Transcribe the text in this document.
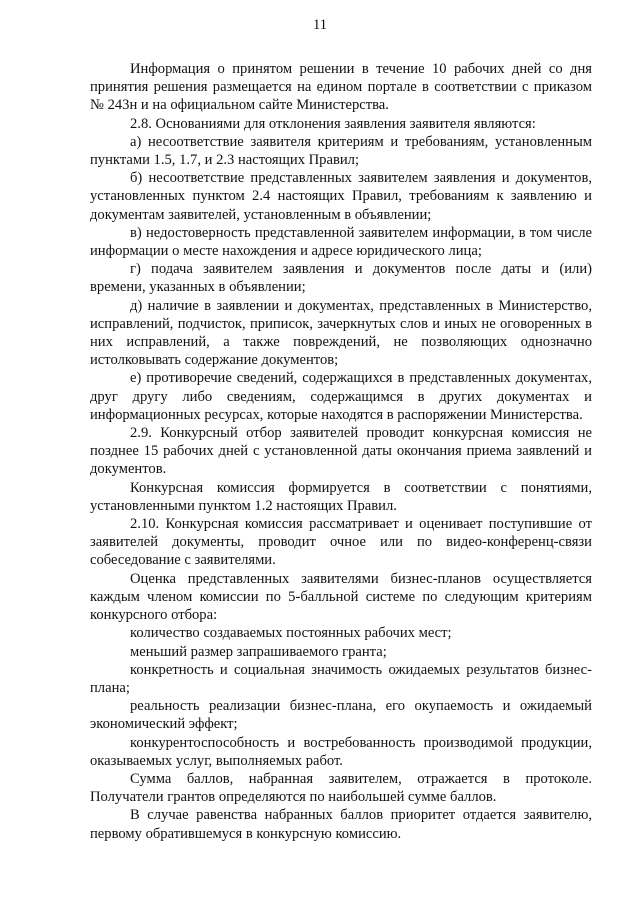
11

Информация о принятом решении в течение 10 рабочих дней со дня принятия решения размещается на едином портале в соответствии с приказом № 243н и на официальном сайте Министерства.

2.8. Основаниями для отклонения заявления заявителя являются:

а) несоответствие заявителя критериям и требованиям, установленным пунктами 1.5, 1.7, и 2.3 настоящих Правил;

б) несоответствие представленных заявителем заявления и документов, установленных пунктом 2.4 настоящих Правил, требованиям к заявлению и документам заявителей, установленным в объявлении;

в) недостоверность представленной заявителем информации, в том числе информации о месте нахождения и адресе юридического лица;

г) подача заявителем заявления и документов после даты и (или) времени, указанных в объявлении;

д) наличие в заявлении и документах, представленных в Министерство, исправлений, подчисток, приписок, зачеркнутых слов и иных не оговоренных в них исправлений, а также повреждений, не позволяющих однозначно истолковывать содержание документов;

е) противоречие сведений, содержащихся в представленных документах, друг другу либо сведениям, содержащимся в других документах и информационных ресурсах, которые находятся в распоряжении Министерства.

2.9. Конкурсный отбор заявителей проводит конкурсная комиссия не позднее 15 рабочих дней с установленной даты окончания приема заявлений и документов.

Конкурсная комиссия формируется в соответствии с понятиями, установленными пунктом 1.2 настоящих Правил.

2.10. Конкурсная комиссия рассматривает и оценивает поступившие от заявителей документы, проводит очное или по видео-конференц-связи собеседование с заявителями.

Оценка представленных заявителями бизнес-планов осуществляется каждым членом комиссии по 5-балльной системе по следующим критериям конкурсного отбора:

количество создаваемых постоянных рабочих мест;

меньший размер запрашиваемого гранта;

конкретность и социальная значимость ожидаемых результатов бизнес-плана;

реальность реализации бизнес-плана, его окупаемость и ожидаемый экономический эффект;

конкурентоспособность и востребованность производимой продукции, оказываемых услуг, выполняемых работ.

Сумма баллов, набранная заявителем, отражается в протоколе. Получатели грантов определяются по наибольшей сумме баллов.

В случае равенства набранных баллов приоритет отдается заявителю, первому обратившемуся в конкурсную комиссию.
